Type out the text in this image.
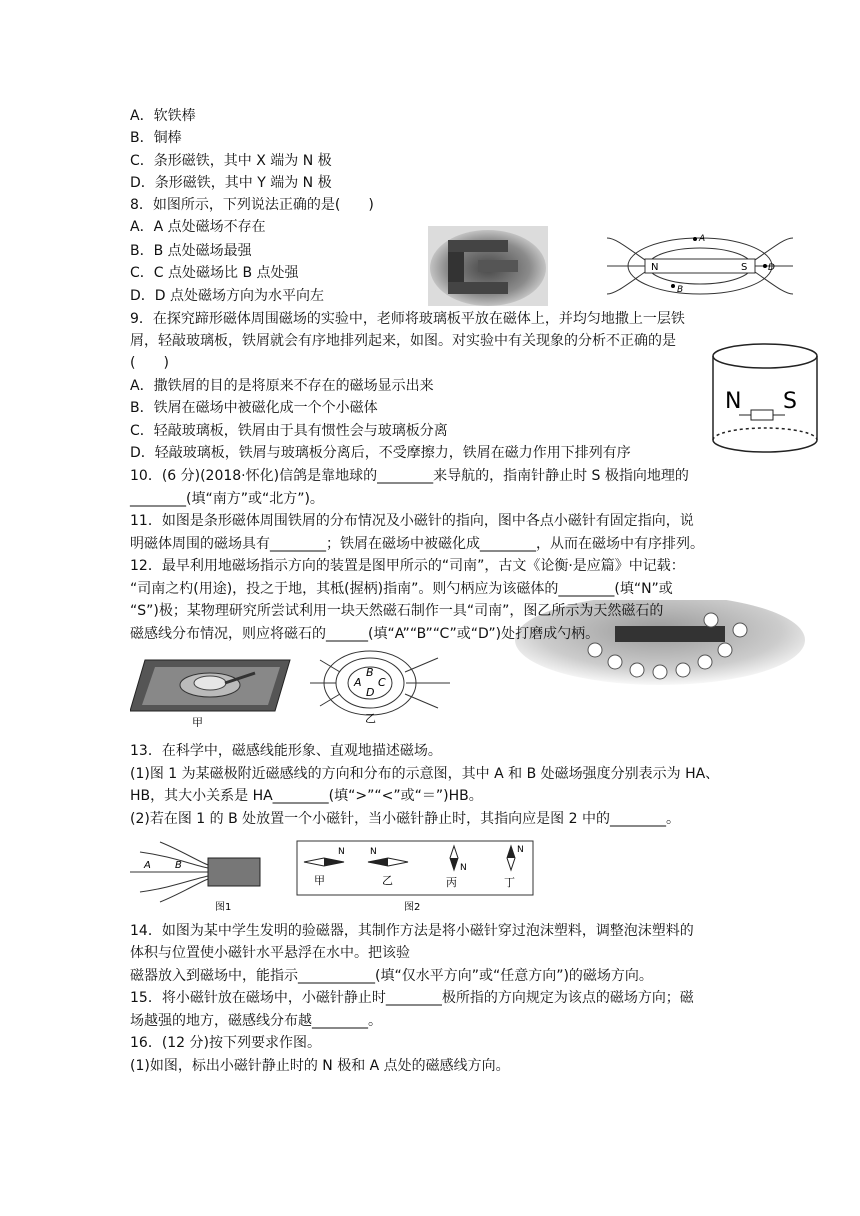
A．软铁棒
B．铜棒
C．条形磁铁，其中 X 端为 N 极
D．条形磁铁，其中 Y 端为 N 极
8．如图所示，下列说法正确的是(　　)
A．A 点处磁场不存在
B．B 点处磁场最强
C．C 点处磁场比 B 点处强
D．D 点处磁场方向为水平向左
N	S
A
B
D
9．在探究蹄形磁体周围磁场的实验中，老师将玻璃板平放在磁体上，并均匀地撒上一层铁
屑，轻敲玻璃板，铁屑就会有序地排列起来，如图。对实验中有关现象的分析不正确的是
(　　)
A．撒铁屑的目的是将原来不存在的磁场显示出来
B．铁屑在磁场中被磁化成一个个小磁体
C．轻敲玻璃板，铁屑由于具有惯性会与玻璃板分离
D．轻敲玻璃板，铁屑与玻璃板分离后，不受摩擦力，铁屑在磁力作用下排列有序
N S
10．(6 分)(2018·怀化)信鸽是靠地球的________来导航的，指南针静止时 S 极指向地理的
________(填“南方”或“北方”)。
11．如图是条形磁体周围铁屑的分布情况及小磁针的指向，图中各点小磁针有固定指向，说
明磁体周围的磁场具有________；铁屑在磁场中被磁化成________，从而在磁场中有序排列。
12．最早利用地磁场指示方向的装置是图甲所示的“司南”，古文《论衡·是应篇》中记载：
“司南之杓(用途)，投之于地，其柢(握柄)指南”。则勺柄应为该磁体的________(填“N”或
“S”)极；某物理研究所尝试利用一块天然磁石制作一具“司南”，图乙所示为天然磁石的
磁感线分布情况，则应将磁石的______(填“A”“B”“C”或“D”)处打磨成勺柄。
甲
A
B
C
D
乙
13．在科学中，磁感线能形象、直观地描述磁场。
(1)图 1 为某磁极附近磁感线的方向和分布的示意图，其中 A 和 B 处磁场强度分别表示为 HA、
HB，其大小关系是 HA________(填“>”“<”或“＝”)HB。
(2)若在图 1 的 B 处放置一个小磁针，当小磁针静止时，其指向应是图 2 中的________。
A B
图1
N
甲
N
乙
N
丙
N
丁
图2
14．如图为某中学生发明的验磁器，其制作方法是将小磁针穿过泡沫塑料，调整泡沫塑料的
体积与位置使小磁针水平悬浮在水中。把该验
磁器放入到磁场中，能指示___________(填“仅水平方向”或“任意方向”)的磁场方向。
15．将小磁针放在磁场中，小磁针静止时________极所指的方向规定为该点的磁场方向；磁
场越强的地方，磁感线分布越________。
16．(12 分)按下列要求作图。
(1)如图，标出小磁针静止时的 N 极和 A 点处的磁感线方向。
